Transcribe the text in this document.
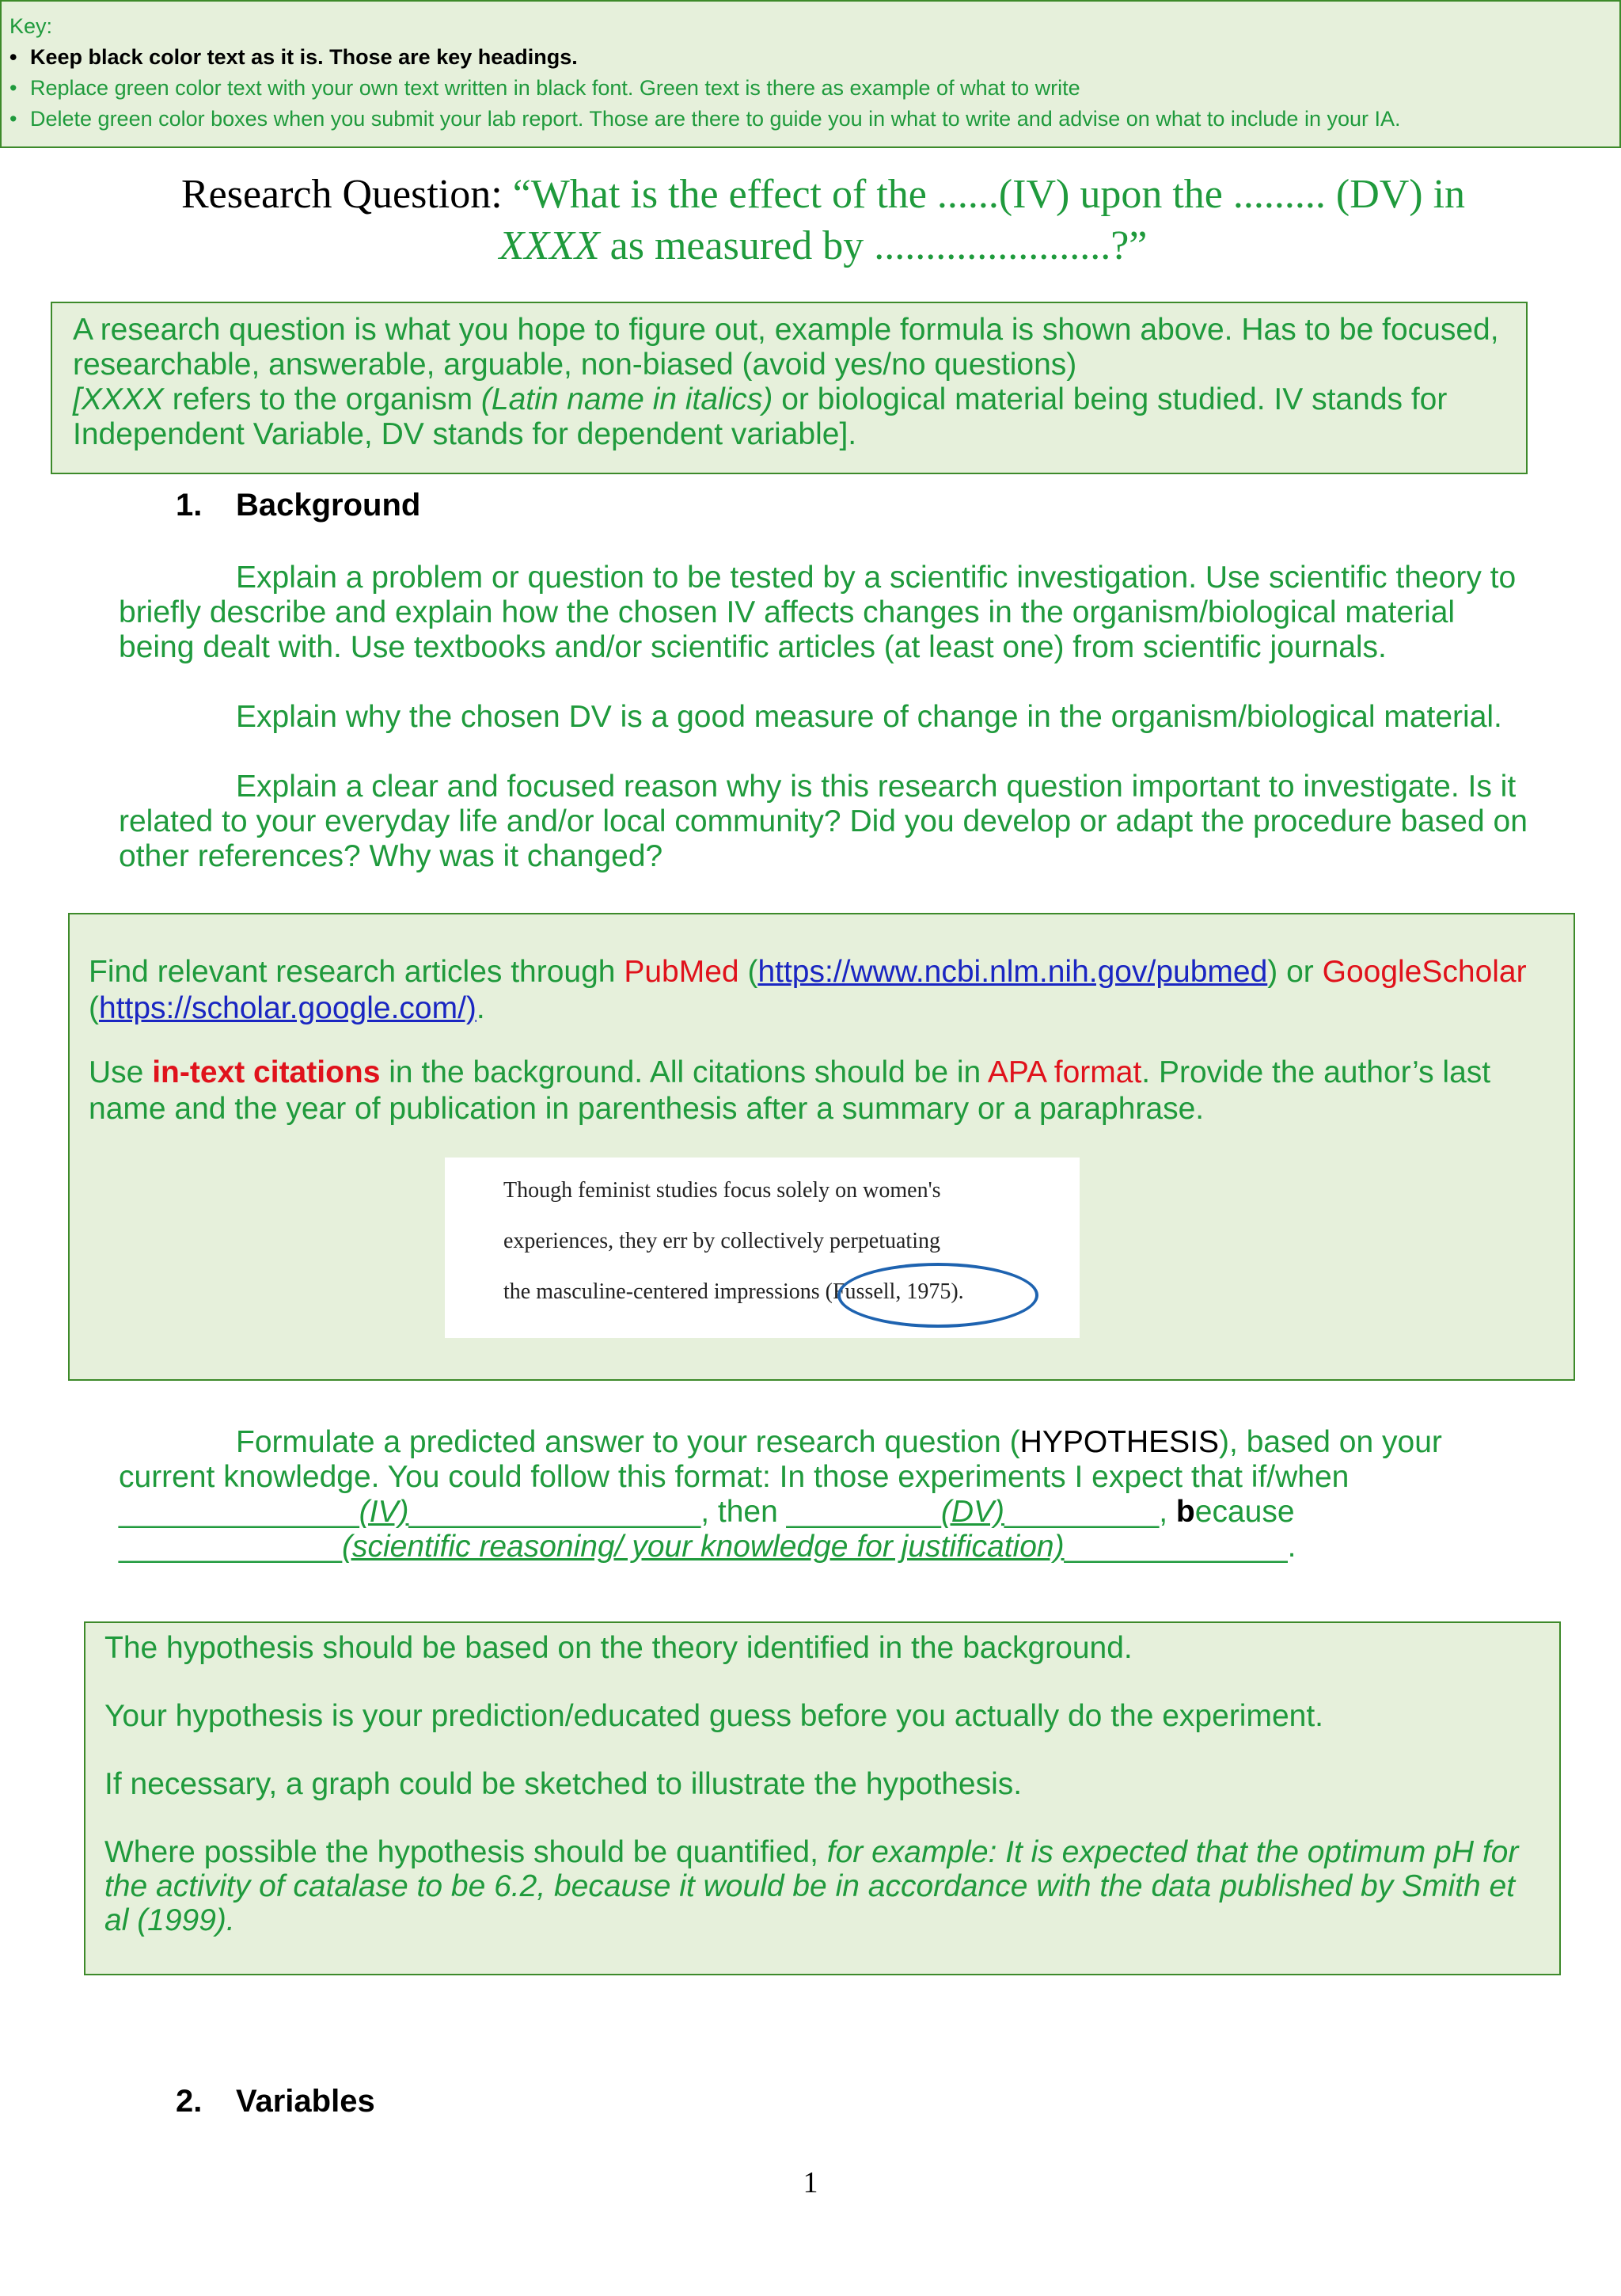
Key:
• Keep black color text as it is. Those are key headings.
• Replace green color text with your own text written in black font. Green text is there as example of what to write
• Delete green color boxes when you submit your lab report. Those are there to guide you in what to write and advise on what to include in your IA.
Research Question: “What is the effect of the ......(IV) upon the ......... (DV) in
XXXX as measured by .......................?”

A research question is what you hope to figure out, example formula is shown above. Has to be focused, researchable, answerable, arguable, non-biased (avoid yes/no questions)

[XXXX refers to the organism (Latin name in italics) or biological material being studied. IV stands for Independent Variable, DV stands for dependent variable].

1. Background
Explain a problem or question to be tested by a scientific investigation. Use scientific theory to briefly describe and explain how the chosen IV affects changes in the organism/biological material being dealt with. Use textbooks and/or scientific articles (at least one) from scientific journals.
Explain why the chosen DV is a good measure of change in the organism/biological material.
Explain a clear and focused reason why is this research question important to investigate. Is it related to your everyday life and/or local community? Did you develop or adapt the procedure based on other references? Why was it changed?

Find relevant research articles through PubMed (https://www.ncbi.nlm.nih.gov/pubmed) or GoogleScholar
(https://scholar.google.com/).

Use in-text citations in the background. All citations should be in APA format. Provide the author’s last name and the year of publication in parenthesis after a summary or a paraphrase.

Though feminist studies focus solely on women's
experiences, they err by collectively perpetuating
the masculine-centered impressions (Fussell, 1975).
Formulate a predicted answer to your research question (HYPOTHESIS), based on your current knowledge. You could follow this format: In those experiments I expect that if/when ______________(IV)_________________, then _________(DV)_________, because _____________(scientific reasoning/ your knowledge for justification)_____________.

The hypothesis should be based on the theory identified in the background.

Your hypothesis is your prediction/educated guess before you actually do the experiment.

If necessary, a graph could be sketched to illustrate the hypothesis.

Where possible the hypothesis should be quantified, for example: It is expected that the optimum pH for the activity of catalase to be 6.2, because it would be in accordance with the data published by Smith et al (1999).

2. Variables
1
